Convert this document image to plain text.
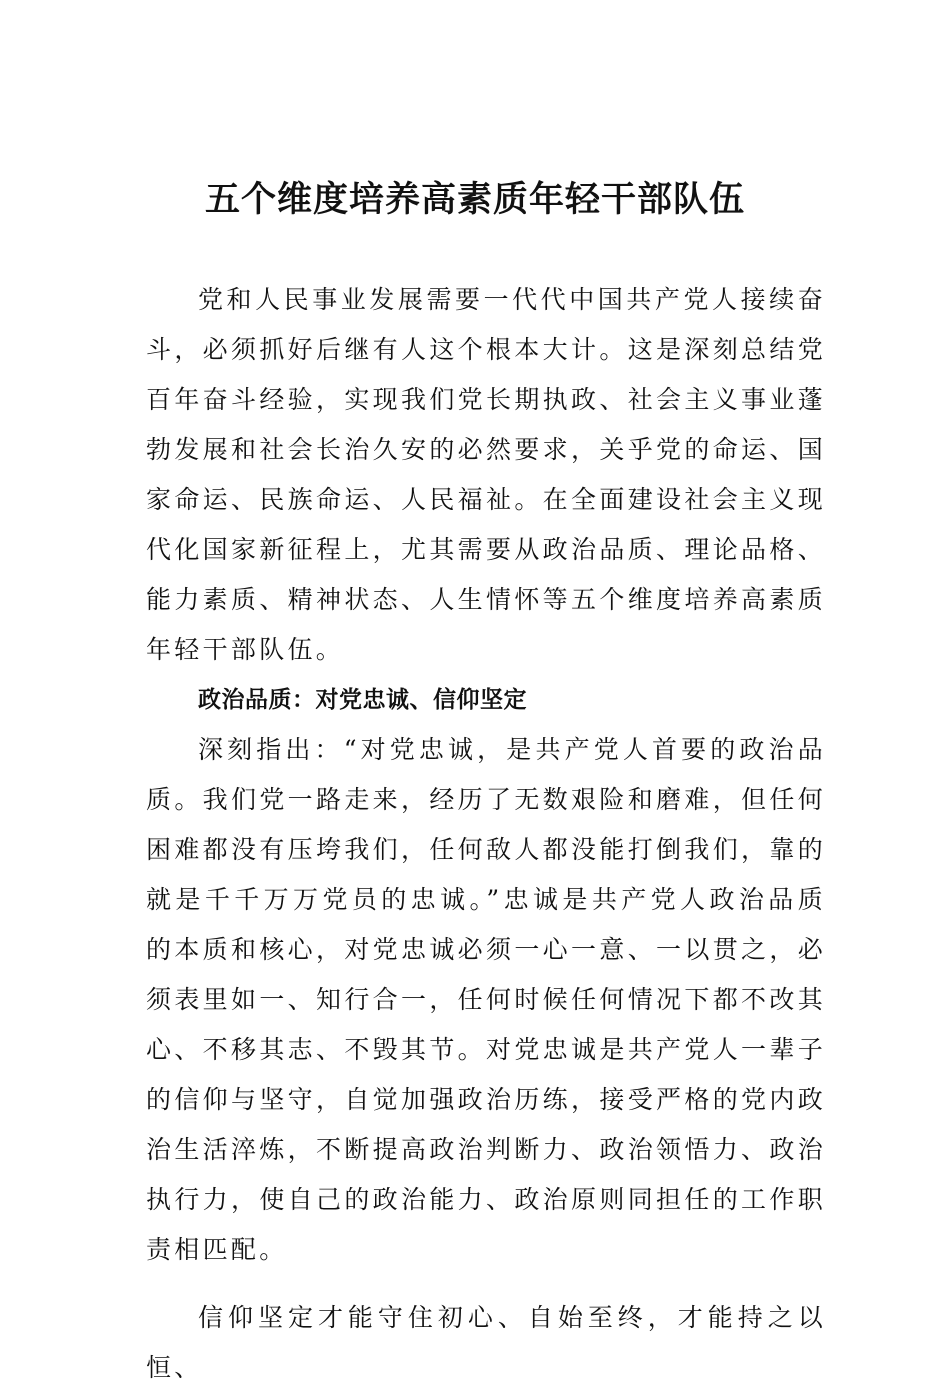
五个维度培养高素质年轻干部队伍

党和人民事业发展需要一代代中国共产党人接续奋斗，必须抓好后继有人这个根本大计。这是深刻总结党百年奋斗经验，实现我们党长期执政、社会主义事业蓬勃发展和社会长治久安的必然要求，关乎党的命运、国家命运、民族命运、人民福祉。在全面建设社会主义现代化国家新征程上，尤其需要从政治品质、理论品格、能力素质、精神状态、人生情怀等五个维度培养高素质年轻干部队伍。

政治品质：对党忠诚、信仰坚定

深刻指出：“对党忠诚，是共产党人首要的政治品质。我们党一路走来，经历了无数艰险和磨难，但任何困难都没有压垮我们，任何敌人都没能打倒我们，靠的就是千千万万党员的忠诚。”忠诚是共产党人政治品质的本质和核心，对党忠诚必须一心一意、一以贯之，必须表里如一、知行合一，任何时候任何情况下都不改其心、不移其志、不毁其节。对党忠诚是共产党人一辈子的信仰与坚守，自觉加强政治历练，接受严格的党内政治生活淬炼，不断提高政治判断力、政治领悟力、政治执行力，使自己的政治能力、政治原则同担任的工作职责相匹配。

信仰坚定才能守住初心、自始至终，才能持之以恒、
